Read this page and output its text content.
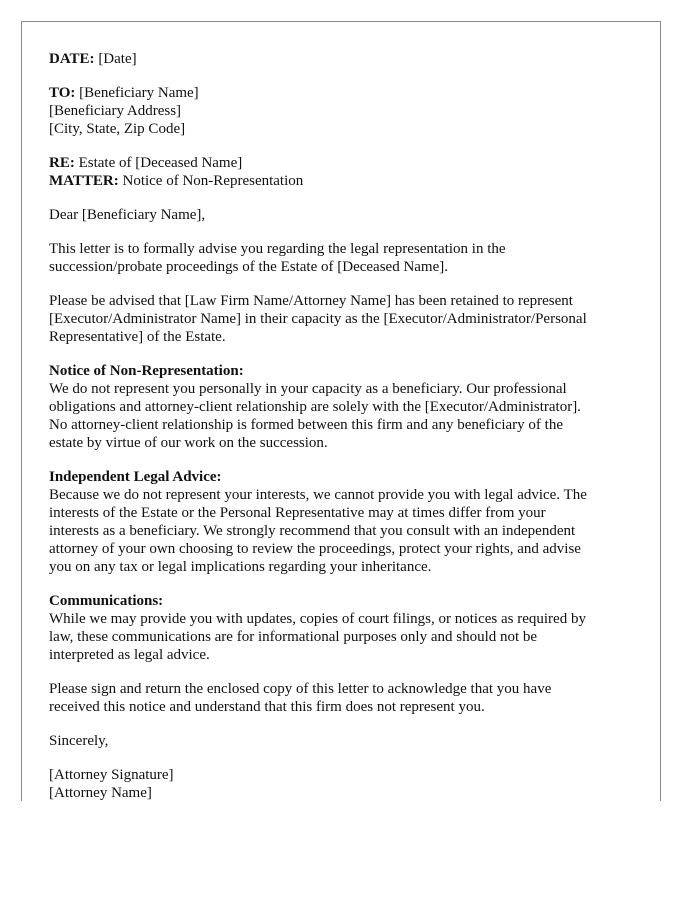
DATE: [Date]
TO: [Beneficiary Name]
[Beneficiary Address]
[City, State, Zip Code]
RE: Estate of [Deceased Name]
MATTER: Notice of Non-Representation
Dear [Beneficiary Name],
This letter is to formally advise you regarding the legal representation in the
succession/probate proceedings of the Estate of [Deceased Name].
Please be advised that [Law Firm Name/Attorney Name] has been retained to represent
[Executor/Administrator Name] in their capacity as the [Executor/Administrator/Personal
Representative] of the Estate.
Notice of Non-Representation:
We do not represent you personally in your capacity as a beneficiary. Our professional
obligations and attorney-client relationship are solely with the [Executor/Administrator].
No attorney-client relationship is formed between this firm and any beneficiary of the
estate by virtue of our work on the succession.
Independent Legal Advice:
Because we do not represent your interests, we cannot provide you with legal advice. The
interests of the Estate or the Personal Representative may at times differ from your
interests as a beneficiary. We strongly recommend that you consult with an independent
attorney of your own choosing to review the proceedings, protect your rights, and advise
you on any tax or legal implications regarding your inheritance.
Communications:
While we may provide you with updates, copies of court filings, or notices as required by
law, these communications are for informational purposes only and should not be
interpreted as legal advice.
Please sign and return the enclosed copy of this letter to acknowledge that you have
received this notice and understand that this firm does not represent you.
Sincerely,
[Attorney Signature]
[Attorney Name]
